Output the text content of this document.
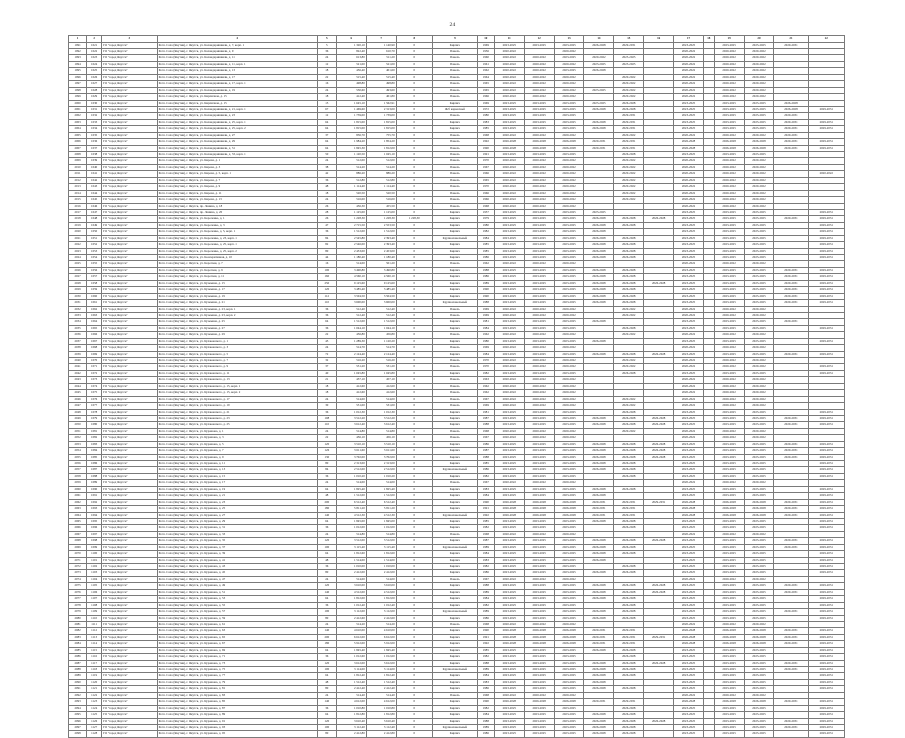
24
1	2	3	4	5	6	7	8	9	10	11	12	13	14	15	16	17	18	19	20	21	22
1991	1021	ГО "город Якутск"	Респ. Саха (Якутия), г. Якутск, ул. Каландаришвили, д. 7, корп. 1	5	1 320,10	1 140,90	0	Кирпич	1969	2023-2025	2023-2025	2023-2025	2026-2028	2029-2031		2023-2025		2023-2025	2023-2025	2029-2031	
1992	1022	ГО "город Якутск"	Респ. Саха (Якутия), г. Якутск, ул. Каландаришвили, д. 9	36	822,40	610,70	0	Панель	1956	2020-2022		2020-2022				2020-2022		2020-2022	2020-2022		
1993	1023	ГО "город Якутск"	Респ. Саха (Якутия), г. Якутск, ул. Каландаришвили, д. 11	24	613,80	511,20	0	Панель	1960	2020-2022	2020-2022	2023-2025	2020-2022	2023-2025		2020-2022		2020-2022	2020-2022		
1994	1024	ГО "город Якутск"	Респ. Саха (Якутия), г. Якутск, ул. Каландаришвили, д. 11, корп. 1	12	521,00	521,00	0	Панель	1961	2020-2022	2020-2022	2020-2022	2023-2025	2023-2025		2020-2022		2020-2022	2020-2022		
1995	1025	ГО "город Якутск"	Респ. Саха (Якутия), г. Якутск, ул. Каландаришвили, д. 13	18	456,40	401,60	0	Панель	1962	2020-2022	2020-2022	2023-2025	2026-2028			2020-2022		2020-2022	2020-2022		
1996	1026	ГО "город Якутск"	Респ. Саха (Якутия), г. Якутск, ул. Каландаришвили, д. 17	22	515,40	515,40	0	Панель	1964	2020-2022	2020-2022	2020-2022		2020-2022		2020-2022		2020-2022	2020-2022		
1997	1027	ГО "город Якутск"	Респ. Саха (Якутия), г. Якутск, ул. Каландаришвили, д. 17, корп. 1	16	498,80	498,80	0	Панель	1965	2020-2022	2020-2022	2020-2022		2020-2022		2020-2022		2020-2022	2020-2022		
1998	1028	ГО "город Якутск"	Респ. Саха (Якутия), г. Якутск, ул. Каландаришвили, д. 19	24	530,60	493,60	0	Панель	1965	2020-2022	2020-2022	2020-2022	2023-2025	2020-2022		2020-2022		2020-2022	2020-2022		
1999	1029	ГО "город Якутск"	Респ. Саха (Якутия), г. Якутск, ул. Кирпичная, д. 15	18	412,40	401,80	0	Панель	1966	2020-2022	2020-2022	2020-2022		2020-2022		2020-2022		2020-2022	2020-2022		
2000	1030	ГО "город Якутск"	Респ. Саха (Якутия), г. Якутск, ул. Кирпичная, д. 15	15	1 645,10	1 562,91	0	Кирпич	1969	2023-2025	2023-2025	2023-2025	2023-2025	2026-2028		2023-2025		2023-2025	2023-2025	2026-2028	
2001	1031	ГО "город Якутск"	Респ. Саха (Якутия), г. Якутск, ул. Каландаришвили, д. 21, корп. 1	67	1 469,60	2 313,00	0	Ж/б каркасный	1972	2023-2025	2023-2025	2023-2025	2026-2028	2026-2028		2023-2025		2023-2025	2023-2025	2026-2028	2029-2031
2002	1032	ГО "город Якутск"	Респ. Саха (Якутия), г. Якутск, ул. Каландаришвили, д. 23	12	1 739,00	1 739,00	0	Панель	1980	2023-2025	2023-2025	2023-2025		2029-2031		2023-2025		2023-2025	2023-2025	2029-2031	
2003	1033	ГО "город Якутск"	Респ. Саха (Якутия), г. Якутск, ул. Каландаришвили, д. 25, корп. 1	64	1 815,00	1 815,00	0	Кирпич	1983	2023-2025	2023-2025	2023-2025	2026-2028	2029-2031		2023-2025		2023-2025	2023-2025	2029-2031	2029-2031
2004	1034	ГО "город Якутск"	Респ. Саха (Якутия), г. Якутск, ул. Каландаришвили, д. 25, корп. 2	64	1 815,00	1 815,00	0	Кирпич	1985	2023-2025	2023-2025	2023-2025	2026-2028	2029-2031		2023-2025		2023-2025	2023-2025	2029-2031	2029-2031
2005	1035	ГО "город Якутск"	Респ. Саха (Якутия), г. Якутск, ул. Каландаришвили, д. 27	37	836,70	755,70	0	Панель	1968	2020-2022	2020-2022	2020-2022		2020-2022		2020-2022		2020-2022	2020-2022	2029-2031	
2006	1036	ГО "город Якутск"	Респ. Саха (Якутия), г. Якутск, ул. Каландаришвили, д. 29	64	1 984,20	1 854,20	0	Панель	1992	2026-2028	2026-2028	2026-2028	2029-2031	2029-2031		2026-2028		2026-2028	2026-2028	2029-2031	2029-2031
2007	1037	ГО "город Якутск"	Респ. Саха (Якутия), г. Якутск, ул. Каландаришвили, д. 31	64	1 845,30	1 812,00	0	Панель	1990	2026-2028	2026-2028	2026-2028	2029-2031	2029-2031		2026-2028		2026-2028	2026-2028	2029-2031	2029-2031
2008	1038	ГО "город Якутск"	Респ. Саха (Якутия), г. Якутск, ул. Каландаришвили, д. 33, корп. 1	50	1 120,50	1 045,10	0	Панель	1991	2023-2025	2023-2025	2023-2025		2026-2028		2023-2025		2023-2025	2023-2025		
2009	1039	ГО "город Якутск"	Респ. Саха (Якутия), г. Якутск, ул. Кирова, д. 1	24	512,00	512,00	0	Панель	1970	2020-2022	2020-2022	2020-2022		2020-2022		2020-2022		2020-2022	2020-2022		
2010	1040	ГО "город Якутск"	Респ. Саха (Якутия), г. Якутск, ул. Кирова, д. 3	38	514,20	514,20	0	Панель	1967	2020-2022	2020-2022	2020-2022		2020-2022		2020-2022		2020-2022	2020-2022		
2011	1041	ГО "город Якутск"	Респ. Саха (Якутия), г. Якутск, ул. Кирова, д. 5, корп. 1	42	886,20	886,20	0	Панель	1966	2020-2022	2020-2022	2020-2022		2020-2022		2020-2022		2020-2022	2020-2022		2020-2022
2012	1042	ГО "город Якутск"	Респ. Саха (Якутия), г. Якутск, ул. Кирова, д. 7	36	512,80	512,80	0	Панель	1965	2020-2022	2020-2022	2020-2022		2020-2022		2020-2022		2020-2022	2020-2022		
2013	1043	ГО "город Якутск"	Респ. Саха (Якутия), г. Якутск, ул. Кирова, д. 9	48	1 114,40	1 114,40	0	Панель	1970	2020-2022	2020-2022	2020-2022		2020-2022		2020-2022		2020-2022	2020-2022		
2014	1044	ГО "город Якутск"	Респ. Саха (Якутия), г. Якутск, ул. Кирова, д. 11	18	520,50	520,50	0	Панель	1966	2020-2022	2020-2022	2020-2022		2020-2022		2020-2022		2020-2022	2020-2022		
2015	1045	ГО "город Якутск"	Респ. Саха (Якутия), г. Якутск, ул. Кирова, д. 13	24	516,00	516,00	0	Панель	1966	2020-2022	2020-2022	2020-2022		2020-2022		2020-2022		2020-2022	2020-2022		
2016	1046	ГО "город Якутск"	Респ. Саха (Якутия), г. Якутск, пр. Ленина, д. 18	26	456,30	455,50	0	Панель	1968	2020-2022	2020-2022	2020-2022				2020-2022		2020-2022	2020-2022		
2017	1047	ГО "город Якутск"	Респ. Саха (Якутия), г. Якутск, пр. Ленина, д. 20	28	1 125,00	1 125,00	0	Кирпич	1957	2023-2025	2023-2025	2023-2025	2023-2025			2023-2025		2023-2025	2023-2025		2029-2031
2018	1048	ГО "город Якутск"	Респ. Саха (Якутия), г. Якутск, ул. Короленко, д. 1	26	1 228,30	1 228,30	1 228,30	Кирпич	1979	2023-2025	2023-2025	2023-2025	2026-2028	2026-2028	2026-2028	2023-2025		2023-2025	2023-2025	2029-2031	2029-2031
2019	1049	ГО "город Якутск"	Респ. Саха (Якутия), г. Якутск, ул. Короленко, д. 3	47	2 715,50	2 553,50	0	Кирпич	1980	2023-2025	2023-2025	2023-2025	2026-2028	2026-2028		2023-2025		2023-2025	2023-2025		2029-2031
2020	1050	ГО "город Якутск"	Респ. Саха (Якутия), г. Якутск, ул. Короленко, д. 5, корп. 1	36	1 512,00	1 512,00	0	Кирпич	1982	2023-2025	2023-2025	2023-2025	2026-2028			2023-2025		2023-2025	2023-2025		2029-2031
2021	1051	ГО "город Якутск"	Респ. Саха (Якутия), г. Якутск, ул. Короленко, д. 23, корп. 1	84	2 545,80	2 393,40	0	Крупнопанельный	1984	2023-2025	2023-2025	2023-2025	2026-2028	2026-2028		2023-2025		2023-2025	2023-2025		2029-2031
2022	1052	ГО "город Якутск"	Респ. Саха (Якутия), г. Якутск, ул. Короленко, д. 25, корп. 1	82	2 546,00	2 393,40	0	Кирпич	1985	2023-2025	2023-2025	2023-2025	2026-2028	2026-2028		2023-2025		2023-2025	2023-2025		2029-2031
2023	1053	ГО "город Якутск"	Респ. Саха (Якутия), г. Якутск, ул. Короленко, д. 25, корп. 2	80	2 453,00	2 453,00	0	Кирпич	1985	2023-2025	2023-2025	2023-2025	2026-2028	2026-2028		2023-2025		2023-2025	2023-2025		2029-2031
2024	1054	ГО "город Якутск"	Респ. Саха (Якутия), г. Якутск, ул. Кооперативная, д. 10	44	1 180,40	1 180,40	0	Кирпич	1986	2023-2025	2023-2025	2023-2025	2026-2028	2026-2028		2023-2025		2023-2025	2023-2025		2029-2031
2025	1055	ГО "город Якутск"	Респ. Саха (Якутия), г. Якутск, ул. Короткая, д. 7	16	514,00	501,20	0	Панель	1962	2020-2022	2020-2022	2020-2022				2020-2022		2020-2022	2020-2022		
2026	1056	ГО "город Якутск"	Респ. Саха (Якутия), г. Якутск, ул. Короткая, д. 9	100	3 490,80	3 490,80	0	Кирпич	1988	2023-2025	2023-2025	2023-2025	2026-2028	2026-2028		2023-2025		2023-2025	2023-2025	2029-2031	2029-2031
2027	1057	ГО "город Якутск"	Респ. Саха (Якутия), г. Якутск, ул. Короткая, д. 11	160	4 560,10	4 560,10	0	Кирпич	1986	2023-2025	2023-2025	2023-2025	2026-2028	2026-2028		2023-2025		2023-2025	2023-2025	2029-2031	2029-2031
2028	1058	ГО "город Якутск"	Респ. Саха (Якутия), г. Якутск, ул. Кузьмина, д. 15	250	9 125,60	9 125,60	0	Кирпич	1989	2023-2025	2023-2025	2023-2025	2026-2028	2026-2028	2026-2028	2023-2025		2023-2025	2023-2025	2029-2031	2029-2031
2029	1059	ГО "город Якутск"	Респ. Саха (Якутия), г. Якутск, ул. Кузьмина, д. 17	120	3 485,40	3 485,40	0	Кирпич	1990	2023-2025	2023-2025	2023-2025	2026-2028	2026-2028		2023-2025		2023-2025	2023-2025	2029-2031	2029-2031
2030	1060	ГО "город Якутск"	Респ. Саха (Якутия), г. Якутск, ул. Кузьмина, д. 19	112	3 504,50	3 504,50	0	Кирпич	1990	2023-2025	2023-2025	2023-2025	2026-2028	2026-2028		2023-2025		2023-2025	2023-2025	2029-2031	2029-2031
2031	1061	ГО "город Якутск"	Респ. Саха (Якутия), г. Якутск, ул. Кузьмина, д. 21	110	3 600,00	3 600,00	0	Крупнопанельный	1988	2023-2025	2023-2025	2023-2025	2026-2028	2026-2028		2023-2025		2023-2025	2023-2025	2029-2031	2029-2031
2032	1062	ГО "город Якутск"	Респ. Саха (Якутия), г. Якутск, ул. Кузьмина, д. 23, корп. 1	36	512,40	512,40	0	Панель	1969	2020-2022	2020-2022	2020-2022		2020-2022		2020-2022		2020-2022	2020-2022		
2033	1063	ГО "город Якутск"	Респ. Саха (Якутия), г. Якутск, ул. Кузьмина, д. 23, корп. 2	36	512,40	512,40	0	Панель	1969	2020-2022	2020-2022	2020-2022		2020-2022		2020-2022		2020-2022	2020-2022		
2034	1064	ГО "город Якутск"	Респ. Саха (Якутия), г. Якутск, ул. Кузьмина, д. 25	64	1 512,00	1 512,00	0	Кирпич	1981	2023-2025	2023-2025	2023-2025	2026-2028			2023-2025		2023-2025	2023-2025	2029-2031	
2035	1065	ГО "город Якутск"	Респ. Саха (Якутия), г. Якутск, ул. Кузьмина, д. 27	36	1 044,10	1 044,10	0	Кирпич	1984	2023-2025	2023-2025	2023-2025		2026-2028		2023-2025		2023-2025	2023-2025		2029-2031
2036	1066	ГО "город Якутск"	Респ. Саха (Якутия), г. Якутск, ул. Кузьмина, д. 29	22	456,80	456,80	0	Панель	1962	2020-2022	2020-2022	2020-2022		2020-2022		2020-2022		2020-2022	2020-2022		
2037	1067	ГО "город Якутск"	Респ. Саха (Якутия), г. Якутск, ул. Кулаковского, д. 1	45	1 289,30	1 120,20	0	Кирпич	1980	2023-2025	2023-2025	2023-2025	2026-2028			2023-2025		2023-2025	2023-2025		2029-2031
2038	1068	ГО "город Якутск"	Респ. Саха (Якутия), г. Якутск, ул. Кулаковского, д. 3	24	514,70	514,70	0	Панель	1969	2020-2022	2020-2022	2020-2022				2020-2022		2020-2022	2020-2022		
2039	1069	ГО "город Якутск"	Респ. Саха (Якутия), г. Якутск, ул. Кулаковского, д. 5	72	2 124,40	2 124,40	0	Кирпич	1984	2023-2025	2023-2025	2023-2025	2026-2028	2026-2028	2026-2028	2023-2025		2023-2025	2023-2025	2029-2031	2029-2031
2040	1070	ГО "город Якутск"	Респ. Саха (Якутия), г. Якутск, ул. Кулаковского, д. 7	32	516,20	516,20	0	Панель	1970	2020-2022	2020-2022	2020-2022		2020-2022		2020-2022		2020-2022	2020-2022		
2041	1071	ГО "город Якутск"	Респ. Саха (Якутия), г. Якутск, ул. Кулаковского, д. 9	37	531,20	531,20	0	Панель	1970	2020-2022	2020-2022	2020-2022		2020-2022		2020-2022		2020-2022	2020-2022		2029-2031
2042	1072	ГО "город Якутск"	Респ. Саха (Якутия), г. Якутск, ул. Кулаковского, д. 11	40	1 045,80	1 045,80	0	Кирпич	1982	2023-2025	2023-2025	2023-2025		2026-2028		2023-2025		2023-2025	2023-2025		2029-2031
2043	1073	ГО "город Якутск"	Респ. Саха (Якутия), г. Якутск, ул. Кулаковского, д. 13	21	457,10	457,10	0	Панель	1963	2020-2022	2020-2022	2020-2022				2020-2022		2020-2022	2020-2022		
2044	1074	ГО "город Якутск"	Респ. Саха (Якутия), г. Якутск, ул. Кулаковского, д. 15, корп. 1	18	412,60	412,60	0	Панель	1962	2020-2022	2020-2022	2020-2022				2020-2022		2020-2022	2020-2022		
2045	1075	ГО "город Якутск"	Респ. Саха (Якутия), г. Якутск, ул. Кулаковского, д. 15, корп. 2	18	412,60	412,60	0	Панель	1962	2020-2022	2020-2022	2020-2022				2020-2022		2020-2022	2020-2022		
2046	1076	ГО "город Якутск"	Респ. Саха (Якутия), г. Якутск, ул. Кулаковского, д. 17	24	514,00	514,00	0	Панель	1967	2020-2022	2020-2022	2020-2022		2020-2022		2020-2022		2020-2022	2020-2022		
2047	1077	ГО "город Якутск"	Респ. Саха (Якутия), г. Якутск, ул. Кулаковского, д. 19	30	531,00	531,00	0	Панель	1969	2020-2022	2020-2022	2020-2022		2020-2022		2020-2022		2020-2022	2020-2022		
2048	1078	ГО "город Якутск"	Респ. Саха (Якутия), г. Якутск, ул. Кулаковского, д. 21	36	1 012,30	1 012,30	0	Кирпич	1981	2023-2025	2023-2025	2023-2025		2026-2028		2023-2025		2023-2025	2023-2025		2029-2031
2049	1079	ГО "город Якутск"	Респ. Саха (Якутия), г. Якутск, ул. Кулаковского, д. 23	108	3 512,20	3 512,20	0	Кирпич	1987	2023-2025	2023-2025	2023-2025	2026-2028	2026-2028	2026-2028	2023-2025		2023-2025	2023-2025	2029-2031	2029-2031
2050	1080	ГО "город Якутск"	Респ. Саха (Якутия), г. Якутск, ул. Кулаковского, д. 25	110	3 612,40	3 612,40	0	Кирпич	1988	2023-2025	2023-2025	2023-2025	2026-2028	2026-2028	2026-2028	2023-2025		2023-2025	2023-2025	2029-2031	2029-2031
2051	1081	ГО "город Якутск"	Респ. Саха (Якутия), г. Якутск, ул. Курашова, д. 1	24	514,80	514,80	0	Панель	1968	2020-2022	2020-2022	2020-2022		2020-2022		2020-2022		2020-2022	2020-2022		
2052	1082	ГО "город Якутск"	Респ. Саха (Якутия), г. Якутск, ул. Курашова, д. 3	22	456,10	456,10	0	Панель	1967	2020-2022	2020-2022	2020-2022				2020-2022		2020-2022	2020-2022		
2053	1083	ГО "город Якутск"	Респ. Саха (Якутия), г. Якутск, ул. Курашова, д. 5	120	3 510,10	3 510,10	0	Кирпич	1986	2023-2025	2023-2025	2023-2025	2026-2028	2026-2028	2026-2028	2023-2025		2023-2025	2023-2025	2029-2031	2029-2031
2054	1084	ГО "город Якутск"	Респ. Саха (Якутия), г. Якутск, ул. Курашова, д. 7	126	3 611,60	3 611,60	0	Кирпич	1987	2023-2025	2023-2025	2023-2025	2026-2028	2026-2028	2026-2028	2023-2025		2023-2025	2023-2025	2029-2031	2029-2031
2055	1085	ГО "город Якутск"	Респ. Саха (Якутия), г. Якутск, ул. Курашова, д. 9	130	3 702,00	3 702,00	0	Кирпич	1988	2023-2025	2023-2025	2023-2025	2026-2028	2026-2028	2026-2028	2023-2025		2023-2025	2023-2025	2029-2031	2029-2031
2056	1086	ГО "город Якутск"	Респ. Саха (Якутия), г. Якутск, ул. Курашова, д. 11	80	2 313,00	2 313,00	0	Кирпич	1985	2023-2025	2023-2025	2023-2025	2026-2028	2026-2028		2023-2025		2023-2025	2023-2025		2029-2031
2057	1087	ГО "город Якутск"	Респ. Саха (Якутия), г. Якутск, ул. Курашова, д. 13	84	2 512,00	2 512,00	0	Крупнопанельный	1986	2023-2025	2023-2025	2023-2025	2026-2028	2026-2028		2023-2025		2023-2025	2023-2025		2029-2031
2058	1088	ГО "город Якутск"	Респ. Саха (Якутия), г. Якутск, ул. Курашова, д. 15	36	1 010,20	1 010,20	0	Кирпич	1982	2023-2025	2023-2025	2023-2025		2026-2028		2023-2025		2023-2025	2023-2025		2029-2031
2059	1089	ГО "город Якутск"	Респ. Саха (Якутия), г. Якутск, ул. Курашова, д. 17	24	514,00	514,00	0	Панель	1967	2020-2022	2020-2022	2020-2022				2020-2022		2020-2022	2020-2022		
2060	1090	ГО "город Якутск"	Респ. Саха (Якутия), г. Якутск, ул. Курашова, д. 19	64	1 825,40	1 825,40	0	Кирпич	1983	2023-2025	2023-2025	2023-2025	2026-2028	2026-2028		2023-2025		2023-2025	2023-2025		2029-2031
2061	1091	ГО "город Якутск"	Респ. Саха (Якутия), г. Якутск, ул. Курашова, д. 21	48	1 512,00	1 512,00	0	Кирпич	1984	2023-2025	2023-2025	2023-2025	2026-2028			2023-2025		2023-2025	2023-2025		2029-2031
2062	1092	ГО "город Якутск"	Респ. Саха (Якутия), г. Якутск, ул. Курашова, д. 23	200	6 512,40	6 512,40	0	Кирпич	1990	2026-2028	2026-2028	2026-2028	2029-2031	2029-2031	2029-2031	2026-2028		2026-2028	2026-2028	2029-2031	2029-2031
2063	1093	ГО "город Якутск"	Респ. Саха (Якутия), г. Якутск, ул. Курашова, д. 25	180	5 811,20	5 811,20	0	Кирпич	1991	2026-2028	2026-2028	2026-2028	2029-2031	2029-2031		2026-2028		2026-2028	2026-2028	2029-2031	2029-2031
2064	1094	ГО "город Якутск"	Респ. Саха (Якутия), г. Якутск, ул. Курашова, д. 27	140	4 512,30	4 512,30	0	Крупнопанельный	1992	2026-2028	2026-2028	2026-2028	2029-2031	2029-2031		2026-2028		2026-2028	2026-2028	2029-2031	2029-2031
2065	1095	ГО "город Якутск"	Респ. Саха (Якутия), г. Якутск, ул. Курашова, д. 29	64	1 845,00	1 845,00	0	Кирпич	1985	2023-2025	2023-2025	2023-2025	2026-2028	2026-2028		2023-2025		2023-2025	2023-2025		2029-2031
2066	1096	ГО "город Якутск"	Респ. Саха (Якутия), г. Якутск, ул. Курашова, д. 31	36	1 012,00	1 012,00	0	Кирпич	1982	2023-2025	2023-2025	2023-2025		2026-2028		2023-2025		2023-2025	2023-2025		2029-2031
2067	1097	ГО "город Якутск"	Респ. Саха (Якутия), г. Якутск, ул. Курашова, д. 33	24	514,80	514,80	0	Панель	1968	2020-2022	2020-2022	2020-2022				2020-2022		2020-2022	2020-2022		
2068	1098	ГО "город Якутск"	Респ. Саха (Якутия), г. Якутск, ул. Курашова, д. 35	120	3 512,00	3 512,00	0	Кирпич	1987	2023-2025	2023-2025	2023-2025	2026-2028	2026-2028	2026-2028	2023-2025		2023-2025	2023-2025	2029-2031	2029-2031
2069	1099	ГО "город Якутск"	Респ. Саха (Якутия), г. Якутск, ул. Курашова, д. 37	100	3 115,40	3 115,40	0	Крупнопанельный	1989	2023-2025	2023-2025	2023-2025	2026-2028	2026-2028		2023-2025		2023-2025	2023-2025	2029-2031	2029-2031
2070	1100	ГО "город Якутск"	Респ. Саха (Якутия), г. Якутск, ул. Курашова, д. 39	64	1 812,60	1 812,60	0	Кирпич	1984	2023-2025	2023-2025	2023-2025	2026-2028	2026-2028		2023-2025		2023-2025	2023-2025		2029-2031
2071	1101	ГО "город Якутск"	Респ. Саха (Якутия), г. Якутск, ул. Курашова, д. 41	48	1 514,00	1 514,00	0	Кирпич	1983	2023-2025	2023-2025	2023-2025	2026-2028			2023-2025		2023-2025	2023-2025		2029-2031
2072	1102	ГО "город Якутск"	Респ. Саха (Якутия), г. Якутск, ул. Курашова, д. 43	36	1 010,00	1 010,00	0	Кирпич	1982	2023-2025	2023-2025	2023-2025		2026-2028		2023-2025		2023-2025	2023-2025		2029-2031
2073	1103	ГО "город Якутск"	Респ. Саха (Якутия), г. Якутск, ул. Курашова, д. 45	80	2 412,00	2 412,00	0	Кирпич	1986	2023-2025	2023-2025	2023-2025	2026-2028	2026-2028		2023-2025		2023-2025	2023-2025		2029-2031
2074	1104	ГО "город Якутск"	Респ. Саха (Якутия), г. Якутск, ул. Курашова, д. 47	24	514,00	514,00	0	Панель	1967	2020-2022	2020-2022	2020-2022				2020-2022		2020-2022	2020-2022		
2075	1105	ГО "город Якутск"	Респ. Саха (Якутия), г. Якутск, ул. Курашова, д. 49	120	3 610,00	3 610,00	0	Кирпич	1988	2023-2025	2023-2025	2023-2025	2026-2028	2026-2028	2026-2028	2023-2025		2023-2025	2023-2025	2029-2031	2029-2031
2076	1106	ГО "город Якутск"	Респ. Саха (Якутия), г. Якутск, ул. Курашова, д. 51	140	4 512,00	4 512,00	0	Кирпич	1989	2023-2025	2023-2025	2023-2025	2026-2028	2026-2028	2026-2028	2023-2025		2023-2025	2023-2025	2029-2031	2029-2031
2077	1107	ГО "город Якутск"	Респ. Саха (Якутия), г. Якутск, ул. Курашова, д. 53	64	1 812,00	1 812,00	0	Кирпич	1984	2023-2025	2023-2025	2023-2025	2026-2028	2026-2028		2023-2025		2023-2025	2023-2025		2029-2031
2078	1108	ГО "город Якутск"	Респ. Саха (Якутия), г. Якутск, ул. Курашова, д. 55	36	1 012,40	1 012,40	0	Кирпич	1982	2023-2025	2023-2025	2023-2025		2026-2028		2023-2025		2023-2025	2023-2025		2029-2031
2079	1109	ГО "город Якутск"	Респ. Саха (Якутия), г. Якутск, ул. Курашова, д. 57	100	3 112,00	3 112,00	0	Крупнопанельный	1989	2023-2025	2023-2025	2023-2025	2026-2028	2026-2028		2023-2025		2023-2025	2023-2025	2029-2031	2029-2031
2080	1110	ГО "город Якутск"	Респ. Саха (Якутия), г. Якутск, ул. Курашова, д. 59	80	2 412,60	2 412,60	0	Кирпич	1986	2023-2025	2023-2025	2023-2025	2026-2028	2026-2028		2023-2025		2023-2025	2023-2025		2029-2031
2081	1111	ГО "город Якутск"	Респ. Саха (Якутия), г. Якутск, ул. Курашова, д. 61	24	514,20	514,20	0	Панель	1968	2020-2022	2020-2022	2020-2022				2020-2022		2020-2022	2020-2022		
2082	1112	ГО "город Якутск"	Респ. Саха (Якутия), г. Якутск, ул. Курашова, д. 63	140	4 610,00	4 610,00	0	Кирпич	1990	2026-2028	2026-2028	2026-2028	2029-2031	2029-2031		2026-2028		2026-2028	2026-2028	2029-2031	2029-2031
2083	1113	ГО "город Якутск"	Респ. Саха (Якутия), г. Якутск, ул. Курашова, д. 65	200	6 612,00	6 612,00	0	Кирпич	1991	2026-2028	2026-2028	2026-2028	2029-2031	2029-2031	2029-2031	2026-2028		2026-2028	2026-2028	2029-2031	2029-2031
2084	1114	ГО "город Якутск"	Респ. Саха (Якутия), г. Якутск, ул. Курашова, д. 67	180	5 912,00	5 912,00	0	Кирпич	1992	2026-2028	2026-2028	2026-2028	2029-2031	2029-2031		2026-2028		2026-2028	2026-2028	2029-2031	2029-2031
2085	1115	ГО "город Якутск"	Респ. Саха (Якутия), г. Якутск, ул. Курашова, д. 69	64	1 845,40	1 845,40	0	Кирпич	1985	2023-2025	2023-2025	2023-2025	2026-2028	2026-2028		2023-2025		2023-2025	2023-2025		2029-2031
2086	1116	ГО "город Якутск"	Респ. Саха (Якутия), г. Якутск, ул. Курашова, д. 71	36	1 012,60	1 012,60	0	Кирпич	1982	2023-2025	2023-2025	2023-2025		2026-2028		2023-2025		2023-2025	2023-2025		2029-2031
2087	1117	ГО "город Якутск"	Респ. Саха (Якутия), г. Якутск, ул. Курашова, д. 73	120	3 612,00	3 612,00	0	Кирпич	1988	2023-2025	2023-2025	2023-2025	2026-2028	2026-2028	2026-2028	2023-2025		2023-2025	2023-2025	2029-2031	2029-2031
2088	1118	ГО "город Якутск"	Респ. Саха (Якутия), г. Якутск, ул. Курашова, д. 75	100	3 114,00	3 114,00	0	Крупнопанельный	1989	2023-2025	2023-2025	2023-2025	2026-2028	2026-2028		2023-2025		2023-2025	2023-2025	2029-2031	2029-2031
2089	1119	ГО "город Якутск"	Респ. Саха (Якутия), г. Якутск, ул. Курашова, д. 77	64	1 812,40	1 812,40	0	Кирпич	1984	2023-2025	2023-2025	2023-2025	2026-2028	2026-2028		2023-2025		2023-2025	2023-2025		2029-2031
2090	1120	ГО "город Якутск"	Респ. Саха (Якутия), г. Якутск, ул. Курашова, д. 79	48	1 512,40	1 512,40	0	Кирпич	1983	2023-2025	2023-2025	2023-2025	2026-2028			2023-2025		2023-2025	2023-2025		2029-2031
2091	1121	ГО "город Якутск"	Респ. Саха (Якутия), г. Якутск, ул. Курашова, д. 81	80	2 412,40	2 412,40	0	Кирпич	1986	2023-2025	2023-2025	2023-2025	2026-2028	2026-2028		2023-2025		2023-2025	2023-2025		2029-2031
2092	1122	ГО "город Якутск"	Респ. Саха (Якутия), г. Якутск, ул. Курашова, д. 83	24	514,40	514,40	0	Панель	1968	2020-2022	2020-2022	2020-2022				2020-2022		2020-2022	2020-2022		
2093	1123	ГО "город Якутск"	Респ. Саха (Якутия), г. Якутск, ул. Курашова, д. 85	140	4 612,00	4 612,00	0	Кирпич	1990	2026-2028	2026-2028	2026-2028	2029-2031	2029-2031		2026-2028		2026-2028	2026-2028	2029-2031	2029-2031
2094	1124	ГО "город Якутск"	Респ. Саха (Якутия), г. Якутск, ул. Курашова, д. 87	36	1 010,80	1 010,80	0	Кирпич	1982	2023-2025	2023-2025	2023-2025		2026-2028		2023-2025		2023-2025	2023-2025		2029-2031
2095	1125	ГО "город Якутск"	Респ. Саха (Якутия), г. Якутск, ул. Курашова, д. 89	64	1 812,80	1 812,80	0	Кирпич	1984	2023-2025	2023-2025	2023-2025	2026-2028	2026-2028		2023-2025		2023-2025	2023-2025		2029-2031
2096	1126	ГО "город Якутск"	Респ. Саха (Якутия), г. Якутск, ул. Курашова, д. 91	120	3 610,40	3 610,40	0	Кирпич	1988	2023-2025	2023-2025	2023-2025	2026-2028	2026-2028	2026-2028	2023-2025		2023-2025	2023-2025	2029-2031	2029-2031
2097	1127	ГО "город Якутск"	Респ. Саха (Якутия), г. Якутск, ул. Курашова, д. 93	100	3 112,40	3 112,40	0	Крупнопанельный	1989	2023-2025	2023-2025	2023-2025	2026-2028	2026-2028		2023-2025		2023-2025	2023-2025	2029-2031	2029-2031
2098	1128	ГО "город Якутск"	Респ. Саха (Якутия), г. Якутск, ул. Курашова, д. 95	80	2 412,80	2 412,80	0	Кирпич	1986	2023-2025	2023-2025	2023-2025	2026-2028	2026-2028		2023-2025		2023-2025	2023-2025		2029-2031
